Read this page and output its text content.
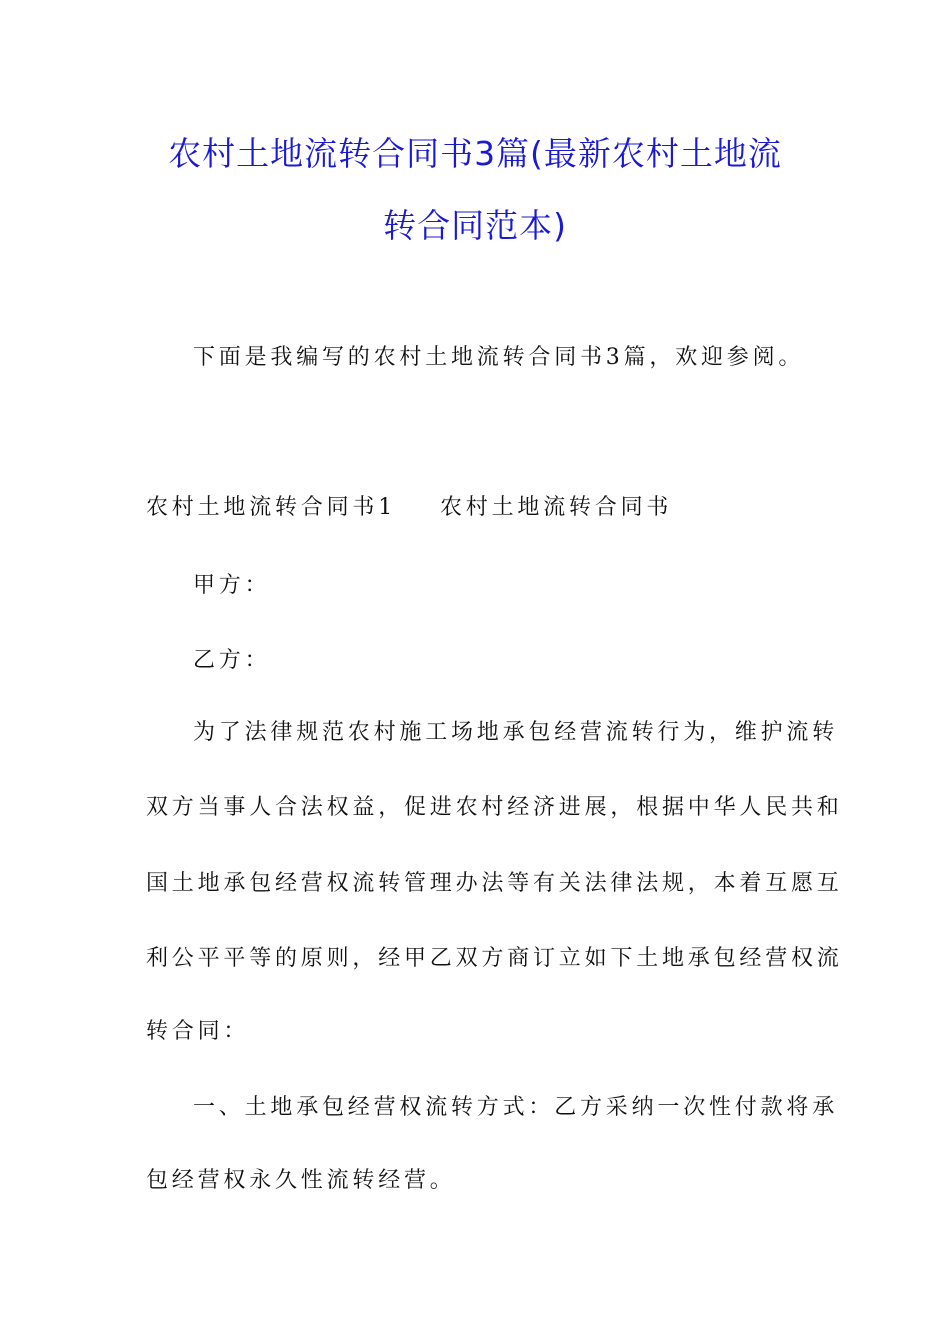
农村土地流转合同书3篇(最新农村土地流
转合同范本)
下面是我编写的农村土地流转合同书3篇，欢迎参阅。
农村土地流转合同书1 农村土地流转合同书
甲方：
乙方：
为了法律规范农村施工场地承包经营流转行为，维护流转
双方当事人合法权益，促进农村经济进展，根据中华人民共和
国土地承包经营权流转管理办法等有关法律法规，本着互愿互
利公平平等的原则，经甲乙双方商订立如下土地承包经营权流
转合同：
一、土地承包经营权流转方式：乙方采纳一次性付款将承
包经营权永久性流转经营。
